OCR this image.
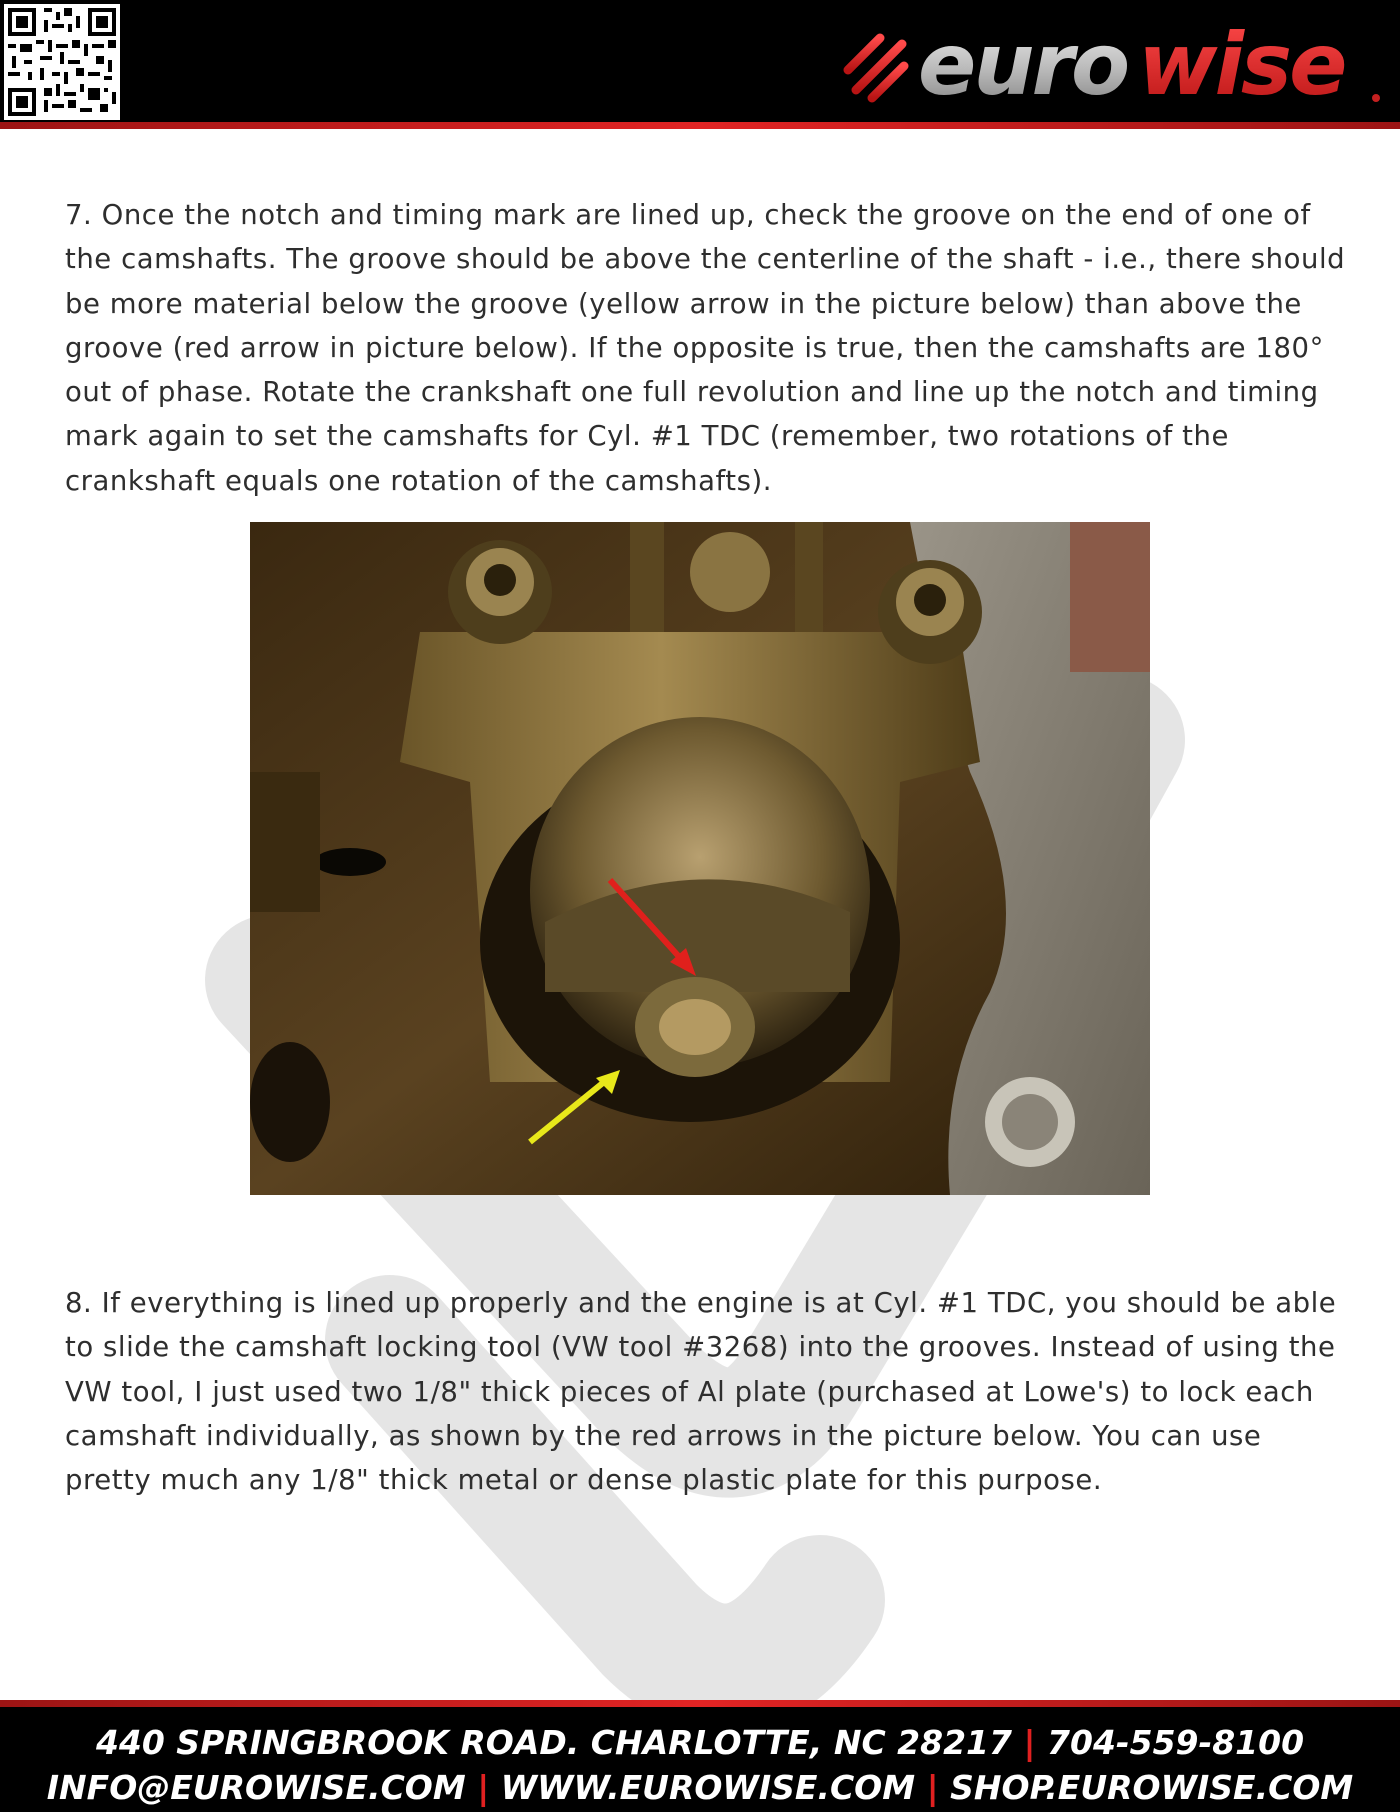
euro wise

7. Once the notch and timing mark are lined up, check the groove on the end of one of the camshafts. The groove should be above the centerline of the shaft - i.e., there should be more material below the groove (yellow arrow in the picture below) than above the groove (red arrow in picture below). If the opposite is true, then the camshafts are 180° out of phase. Rotate the crankshaft one full revolution and line up the notch and timing mark again to set the camshafts for Cyl. #1 TDC (remember, two rotations of the crankshaft equals one rotation of the camshafts).

8. If everything is lined up properly and the engine is at Cyl. #1 TDC, you should be able to slide the camshaft locking tool (VW tool #3268) into the grooves. Instead of using the VW tool, I just used two 1/8" thick pieces of Al plate (purchased at Lowe's) to lock each camshaft individually, as shown by the red arrows in the picture below. You can use pretty much any 1/8" thick metal or dense plastic plate for this purpose.

440 SPRINGBROOK ROAD. CHARLOTTE, NC 28217 | 704-559-8100
INFO@EUROWISE.COM | WWW.EUROWISE.COM | SHOP.EUROWISE.COM
